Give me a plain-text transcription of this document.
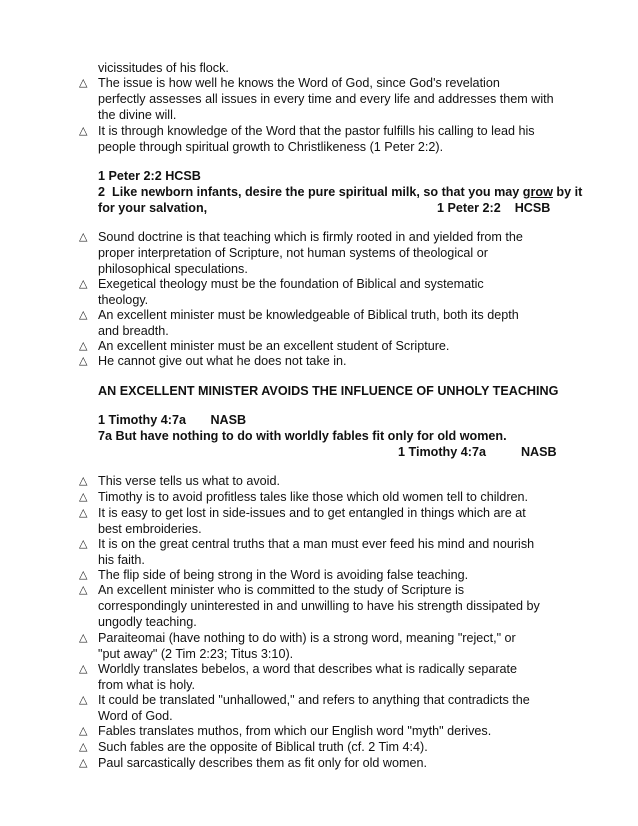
vicissitudes of his flock.
△ The issue is how well he knows the Word of God, since God's revelation
perfectly assesses all issues in every time and every life and addresses them with
the divine will.
△ It is through knowledge of the Word that the pastor fulfills his calling to lead his
people through spiritual growth to Christlikeness (1 Peter 2:2).
1 Peter 2:2 HCSB
2  Like newborn infants, desire the pure spiritual milk, so that you may grow by it
for your salvation,	1 Peter 2:2    HCSB
△ Sound doctrine is that teaching which is firmly rooted in and yielded from the
proper interpretation of Scripture, not human systems of theological or
philosophical speculations.
△ Exegetical theology must be the foundation of Biblical and systematic
theology.
△ An excellent minister must be knowledgeable of Biblical truth, both its depth
and breadth.
△ An excellent minister must be an excellent student of Scripture.
△ He cannot give out what he does not take in.
AN EXCELLENT MINISTER AVOIDS THE INFLUENCE OF UNHOLY TEACHING
1 Timothy 4:7a       NASB
7a But have nothing to do with worldly fables fit only for old women.
1 Timothy 4:7a          NASB
△ This verse tells us what to avoid.
△ Timothy is to avoid profitless tales like those which old women tell to children.
△ It is easy to get lost in side-issues and to get entangled in things which are at
best embroideries.
△ It is on the great central truths that a man must ever feed his mind and nourish
his faith.
△ The flip side of being strong in the Word is avoiding false teaching.
△ An excellent minister who is committed to the study of Scripture is
correspondingly uninterested in and unwilling to have his strength dissipated by
ungodly teaching.
△ Paraiteomai (have nothing to do with) is a strong word, meaning "reject," or
"put away" (2 Tim 2:23; Titus 3:10).
△ Worldly translates bebelos, a word that describes what is radically separate
from what is holy.
△ It could be translated "unhallowed," and refers to anything that contradicts the
Word of God.
△ Fables translates muthos, from which our English word "myth" derives.
△ Such fables are the opposite of Biblical truth (cf. 2 Tim 4:4).
△ Paul sarcastically describes them as fit only for old women.
